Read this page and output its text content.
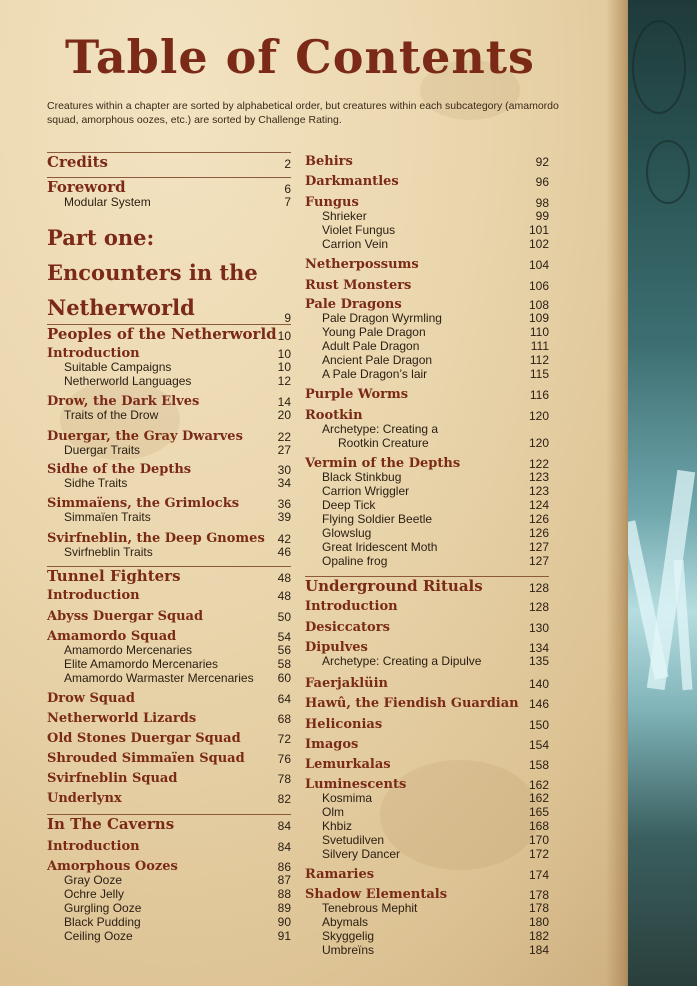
Table of Contents

Creatures within a chapter are sorted by alphabetical order, but creatures within each subcategory (amamordo squad, amorphous oozes, etc.) are sorted by Challenge Rating.

Credits	2
Foreword	6
Modular System	7
Part one:
Encounters in the
Netherworld	9
Peoples of the Netherworld 10
Introduction	10
Suitable Campaigns	10
Netherworld Languages	12
Drow, the Dark Elves	14
Traits of the Drow	20
Duergar, the Gray Dwarves	22
Duergar Traits	27
Sidhe of the Depths	30
Sidhe Traits	34
Simmaïens, the Grimlocks	36
Simmaïen Traits	39
Svirfneblin, the Deep Gnomes 42
Svirfneblin Traits	46
Tunnel Fighters	48
Introduction	48
Abyss Duergar Squad	50
Amamordo Squad	54
Amamordo Mercenaries	56
Elite Amamordo Mercenaries	58
Amamordo Warmaster Mercenaries 60
Drow Squad	64
Netherworld Lizards	68
Old Stones Duergar Squad	72
Shrouded Simmaïen Squad	76
Svirfneblin Squad	78
Underlynx	82
In The Caverns	84
Introduction	84
Amorphous Oozes	86
Gray Ooze	87
Ochre Jelly	88
Gurgling Ooze	89
Black Pudding	90
Ceiling Ooze	91
Behirs	92
Darkmantles	96
Fungus	98
Shrieker	99
Violet Fungus	101
Carrion Vein	102
Netherpossums	104
Rust Monsters	106
Pale Dragons	108
Pale Dragon Wyrmling	109
Young Pale Dragon	110
Adult Pale Dragon	111
Ancient Pale Dragon	112
A Pale Dragon’s lair	115
Purple Worms	116
Rootkin	120
Archetype: Creating a
Rootkin Creature	120
Vermin of the Depths	122
Black Stinkbug	123
Carrion Wriggler	123
Deep Tick	124
Flying Soldier Beetle	126
Glowslug	126
Great Iridescent Moth	127
Opaline frog	127
Underground Rituals	128
Introduction	128
Desiccators	130
Dipulves	134
Archetype: Creating a Dipulve	135
Faerjaklüin	140
Hawû, the Fiendish Guardian 146
Heliconias	150
Imagos	154
Lemurkalas	158
Luminescents	162
Kosmima	162
Olm	165
Khbiz	168
Svetudilven	170
Silvery Dancer	172
Ramaries	174
Shadow Elementals	178
Tenebrous Mephit	178
Abymals	180
Skyggelig	182
Umbreïns	184
